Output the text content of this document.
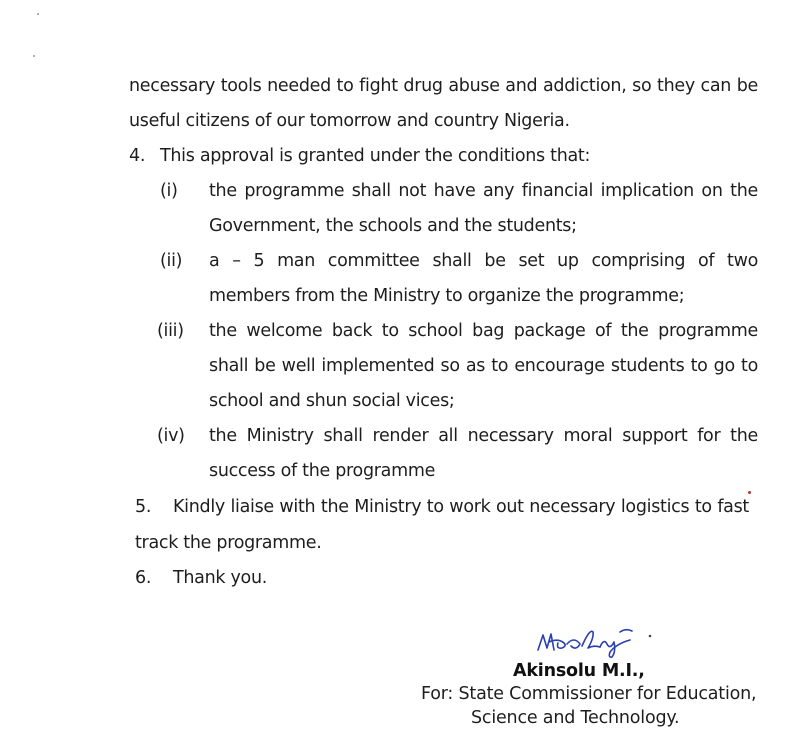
necessary tools needed to fight drug abuse and addiction, so they can be
useful citizens of our tomorrow and country Nigeria.
4. This approval is granted under the conditions that:
(i) the programme shall not have any financial implication on the
Government, the schools and the students;
(ii) a – 5 man committee shall be set up comprising of two
members from the Ministry to organize the programme;
(iii) the welcome back to school bag package of the programme
shall be well implemented so as to encourage students to go to
school and shun social vices;
(iv) the Ministry shall render all necessary moral support for the
success of the programme
5. Kindly liaise with the Ministry to work out necessary logistics to fast
track the programme.
6. Thank you.
Akinsolu M.I.,
For: State Commissioner for Education,
Science and Technology.
